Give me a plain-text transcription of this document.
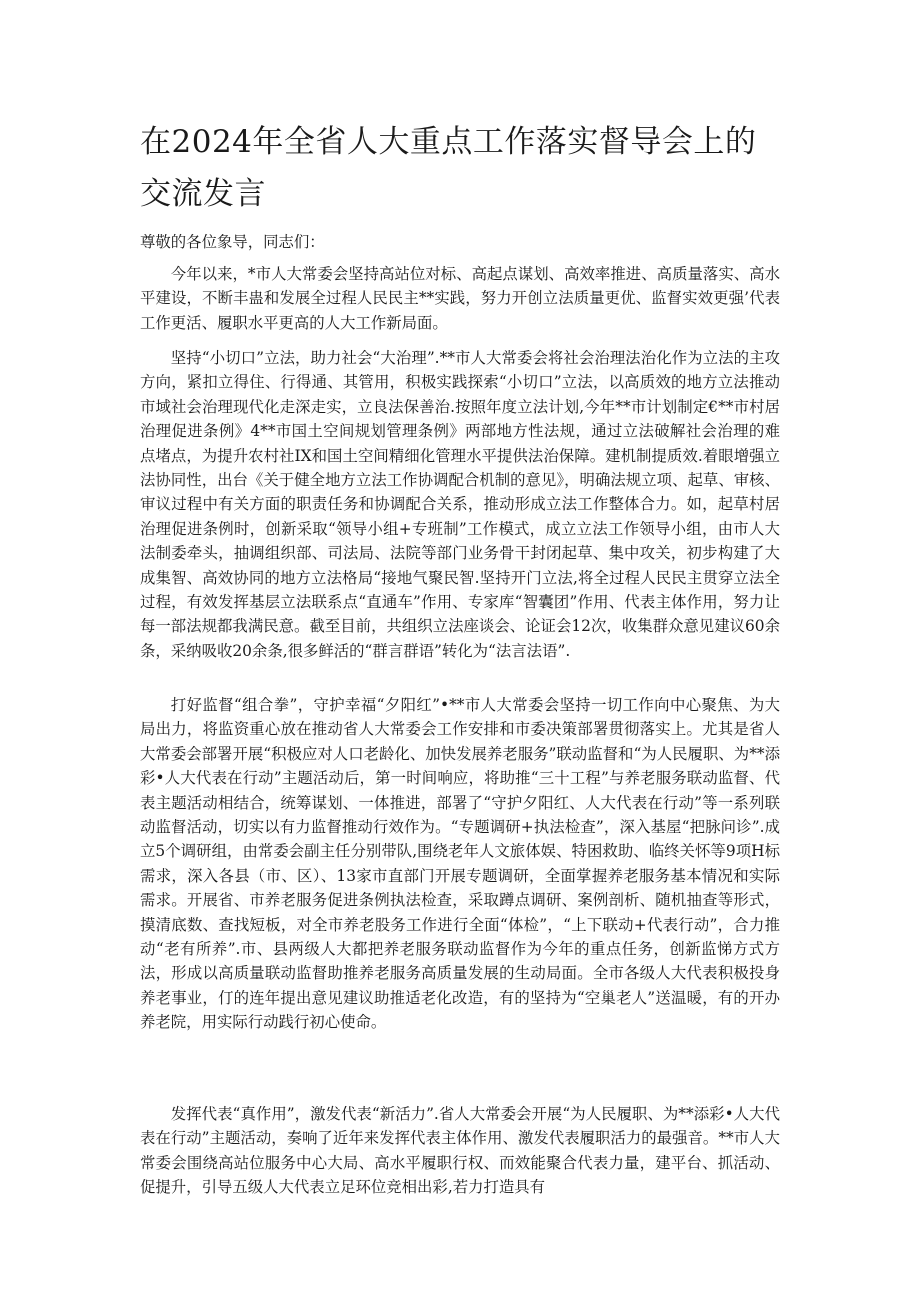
在2024年全省人大重点工作落实督导会上的交流发言

尊敬的各位象导，同志们：

今年以来，*市人大常委会坚持高站位对标、高起点谋划、高效率推进、高质量落实、高水平建设，不断丰蛊和发展全过程人民民主**实践，努力开创立法质量更优、监督实效更强’代表工作更活、履职水平更高的人大工作新局面。

坚持“小切口”立法，助力社会“大治理”.**市人大常委会将社会治理法治化作为立法的主攻方向，紧扣立得住、行得通、其管用，积极实践探索“小切口”立法，以高质效的地方立法推动市域社会治理现代化走深走实，立良法保善治.按照年度立法计划,今年**市计划制定€**市村居治理促进条例》4**市国土空间规划管理条例》两部地方性法规，通过立法破解社会治理的难点堵点，为提升农村社IX和国土空间精细化管理水平提供法治保障。建机制提质效.着眼增强立法协同性，出台《关于健全地方立法工作协调配合机制的意见》，明确法规立项、起草、审核、审议过程中有关方面的职责任务和协调配合关系，推动形成立法工作整体合力。如，起草村居治理促进条例时，创新采取“领导小组+专班制”工作模式，成立立法工作领导小组，由市人大法制委牵头，抽调组织部、司法局、法院等部门业务骨干封闭起草、集中攻关，初步构建了大成集智、高效协同的地方立法格局“接地气聚民智.坚持开门立法,将全过程人民民主贯穿立法全过程，有效发挥基层立法联系点“直通车”作用、专家库“智囊团”作用、代表主体作用，努力让每一部法规都我满民意。截至目前，共组织立法座谈会、论证会12次，收集群众意见建议60余条，采纳吸收20余条,很多鲜活的“群言群语”转化为“法言法语”.

打好监督“组合拳”，守护幸福“夕阳红”•**市人大常委会坚持一切工作向中心聚焦、为大局出力，将监资重心放在推动省人大常委会工作安排和市委决策部署贯彻落实上。尤其是省人大常委会部署开展“积极应对人口老龄化、加快发展养老服务”联动监督和“为人民履职、为**添彩•人大代表在行动”主题活动后，第一时间响应，将助推“三十工程”与养老服务联动监督、代表主题活动相结合，统筹谋划、一体推进，部署了“守护夕阳红、人大代表在行动”等一系列联动监督活动，切实以有力监督推动行效作为。“专题调研+执法检查”，深入基屋“把脉问诊”.成立5个调研组，由常委会副主任分别带队,围绕老年人文旅体娱、特困救助、临终关怀等9项H标需求，深入各县（市、区）、13家市直部门开展专题调研，全面掌握养老服务基本情况和实际需求。开展省、市养老服务促进条例执法检查，采取蹲点调研、案例剖析、随机抽查等形式，摸清底数、查找短板，对全市养老股务工作进行全面“体检”，“上下联动+代表行动”，合力推动“老有所养”.市、县两级人大都把养老服务联动监督作为今年的重点任务，创新监悌方式方法，形成以高质量联动监督助推养老服务高质量发展的生动局面。全市各级人大代表积极投身养老事业，仃的连年提出意见建议助推适老化改造，有的坚持为“空巢老人”送温暖，有的开办养老院，用实际行动践行初心使命。

发挥代表“真作用”，激发代表“新活力”.省人大常委会开展“为人民履职、为**添彩•人大代表在行动”主题活动，奏响了近年来发挥代表主体作用、激发代表履职活力的最强音。**市人大常委会围绕高站位服务中心大局、高水平履职行权、而效能聚合代表力量，建平台、抓活动、促提升，引导五级人大代表立足环位竞相出彩,若力打造具有
